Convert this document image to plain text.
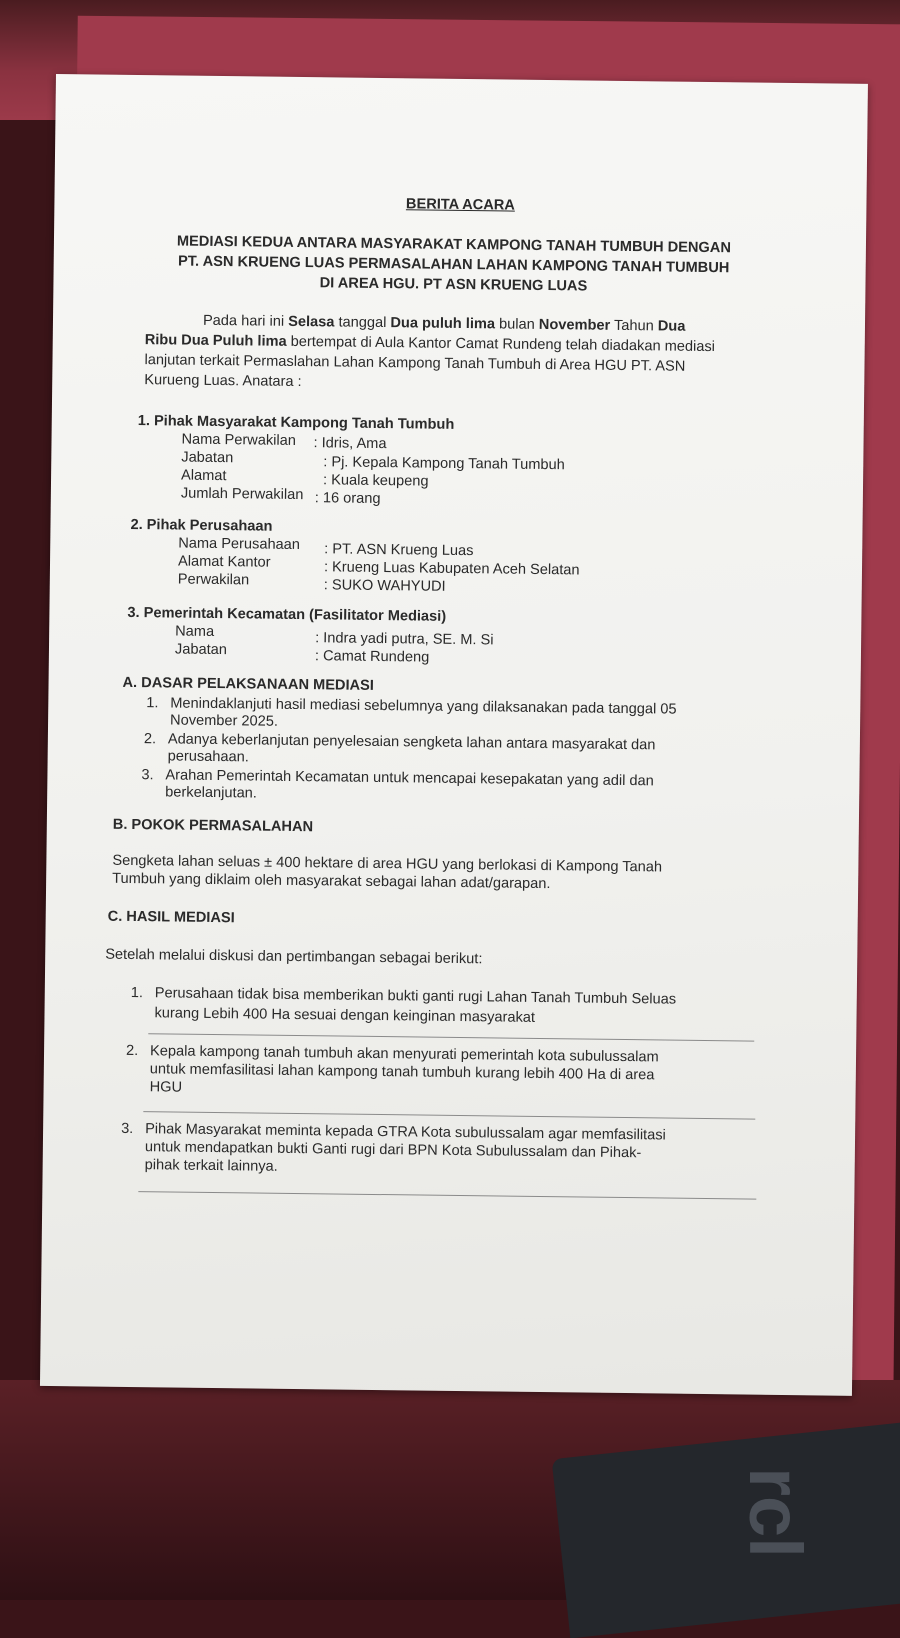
rcl
BERITA ACARA
MEDIASI KEDUA ANTARA MASYARAKAT KAMPONG TANAH TUMBUH DENGAN
PT. ASN KRUENG LUAS PERMASALAHAN LAHAN KAMPONG TANAH TUMBUH
DI AREA HGU. PT ASN KRUENG LUAS
Pada hari ini Selasa tanggal Dua puluh lima bulan November Tahun Dua
Ribu Dua Puluh lima bertempat di Aula Kantor Camat Rundeng telah diadakan mediasi
lanjutan terkait Permaslahan Lahan Kampong Tanah Tumbuh di Area HGU PT. ASN
Kurueng Luas. Anatara :
1. Pihak Masyarakat Kampong Tanah Tumbuh
Nama Perwakilan : Idris, Ama
Jabatan	: Pj. Kepala Kampong Tanah Tumbuh
Alamat	: Kuala keupeng
Jumlah Perwakilan : 16 orang
2. Pihak Perusahaan
Nama Perusahaan : PT. ASN Krueng Luas
Alamat Kantor	: Krueng Luas Kabupaten Aceh Selatan
Perwakilan	: SUKO WAHYUDI
3. Pemerintah Kecamatan (Fasilitator Mediasi)
Nama	: Indra yadi putra, SE. M. Si
Jabatan	: Camat Rundeng
A. DASAR PELAKSANAAN MEDIASI
1. Menindaklanjuti hasil mediasi sebelumnya yang dilaksanakan pada tanggal 05
November 2025.
2. Adanya keberlanjutan penyelesaian sengketa lahan antara masyarakat dan
perusahaan.
3. Arahan Pemerintah Kecamatan untuk mencapai kesepakatan yang adil dan
berkelanjutan.
B. POKOK PERMASALAHAN
Sengketa lahan seluas ± 400 hektare di area HGU yang berlokasi di Kampong Tanah
Tumbuh yang diklaim oleh masyarakat sebagai lahan adat/garapan.
C. HASIL MEDIASI
Setelah melalui diskusi dan pertimbangan sebagai berikut:
1. Perusahaan tidak bisa memberikan bukti ganti rugi Lahan Tanah Tumbuh Seluas
kurang Lebih 400 Ha sesuai dengan keinginan masyarakat
2. Kepala kampong tanah tumbuh akan menyurati pemerintah kota subulussalam
untuk memfasilitasi lahan kampong tanah tumbuh kurang lebih 400 Ha di area
HGU
3. Pihak Masyarakat meminta kepada GTRA Kota subulussalam agar memfasilitasi
untuk mendapatkan bukti Ganti rugi dari BPN Kota Subulussalam dan Pihak-
pihak terkait lainnya.
